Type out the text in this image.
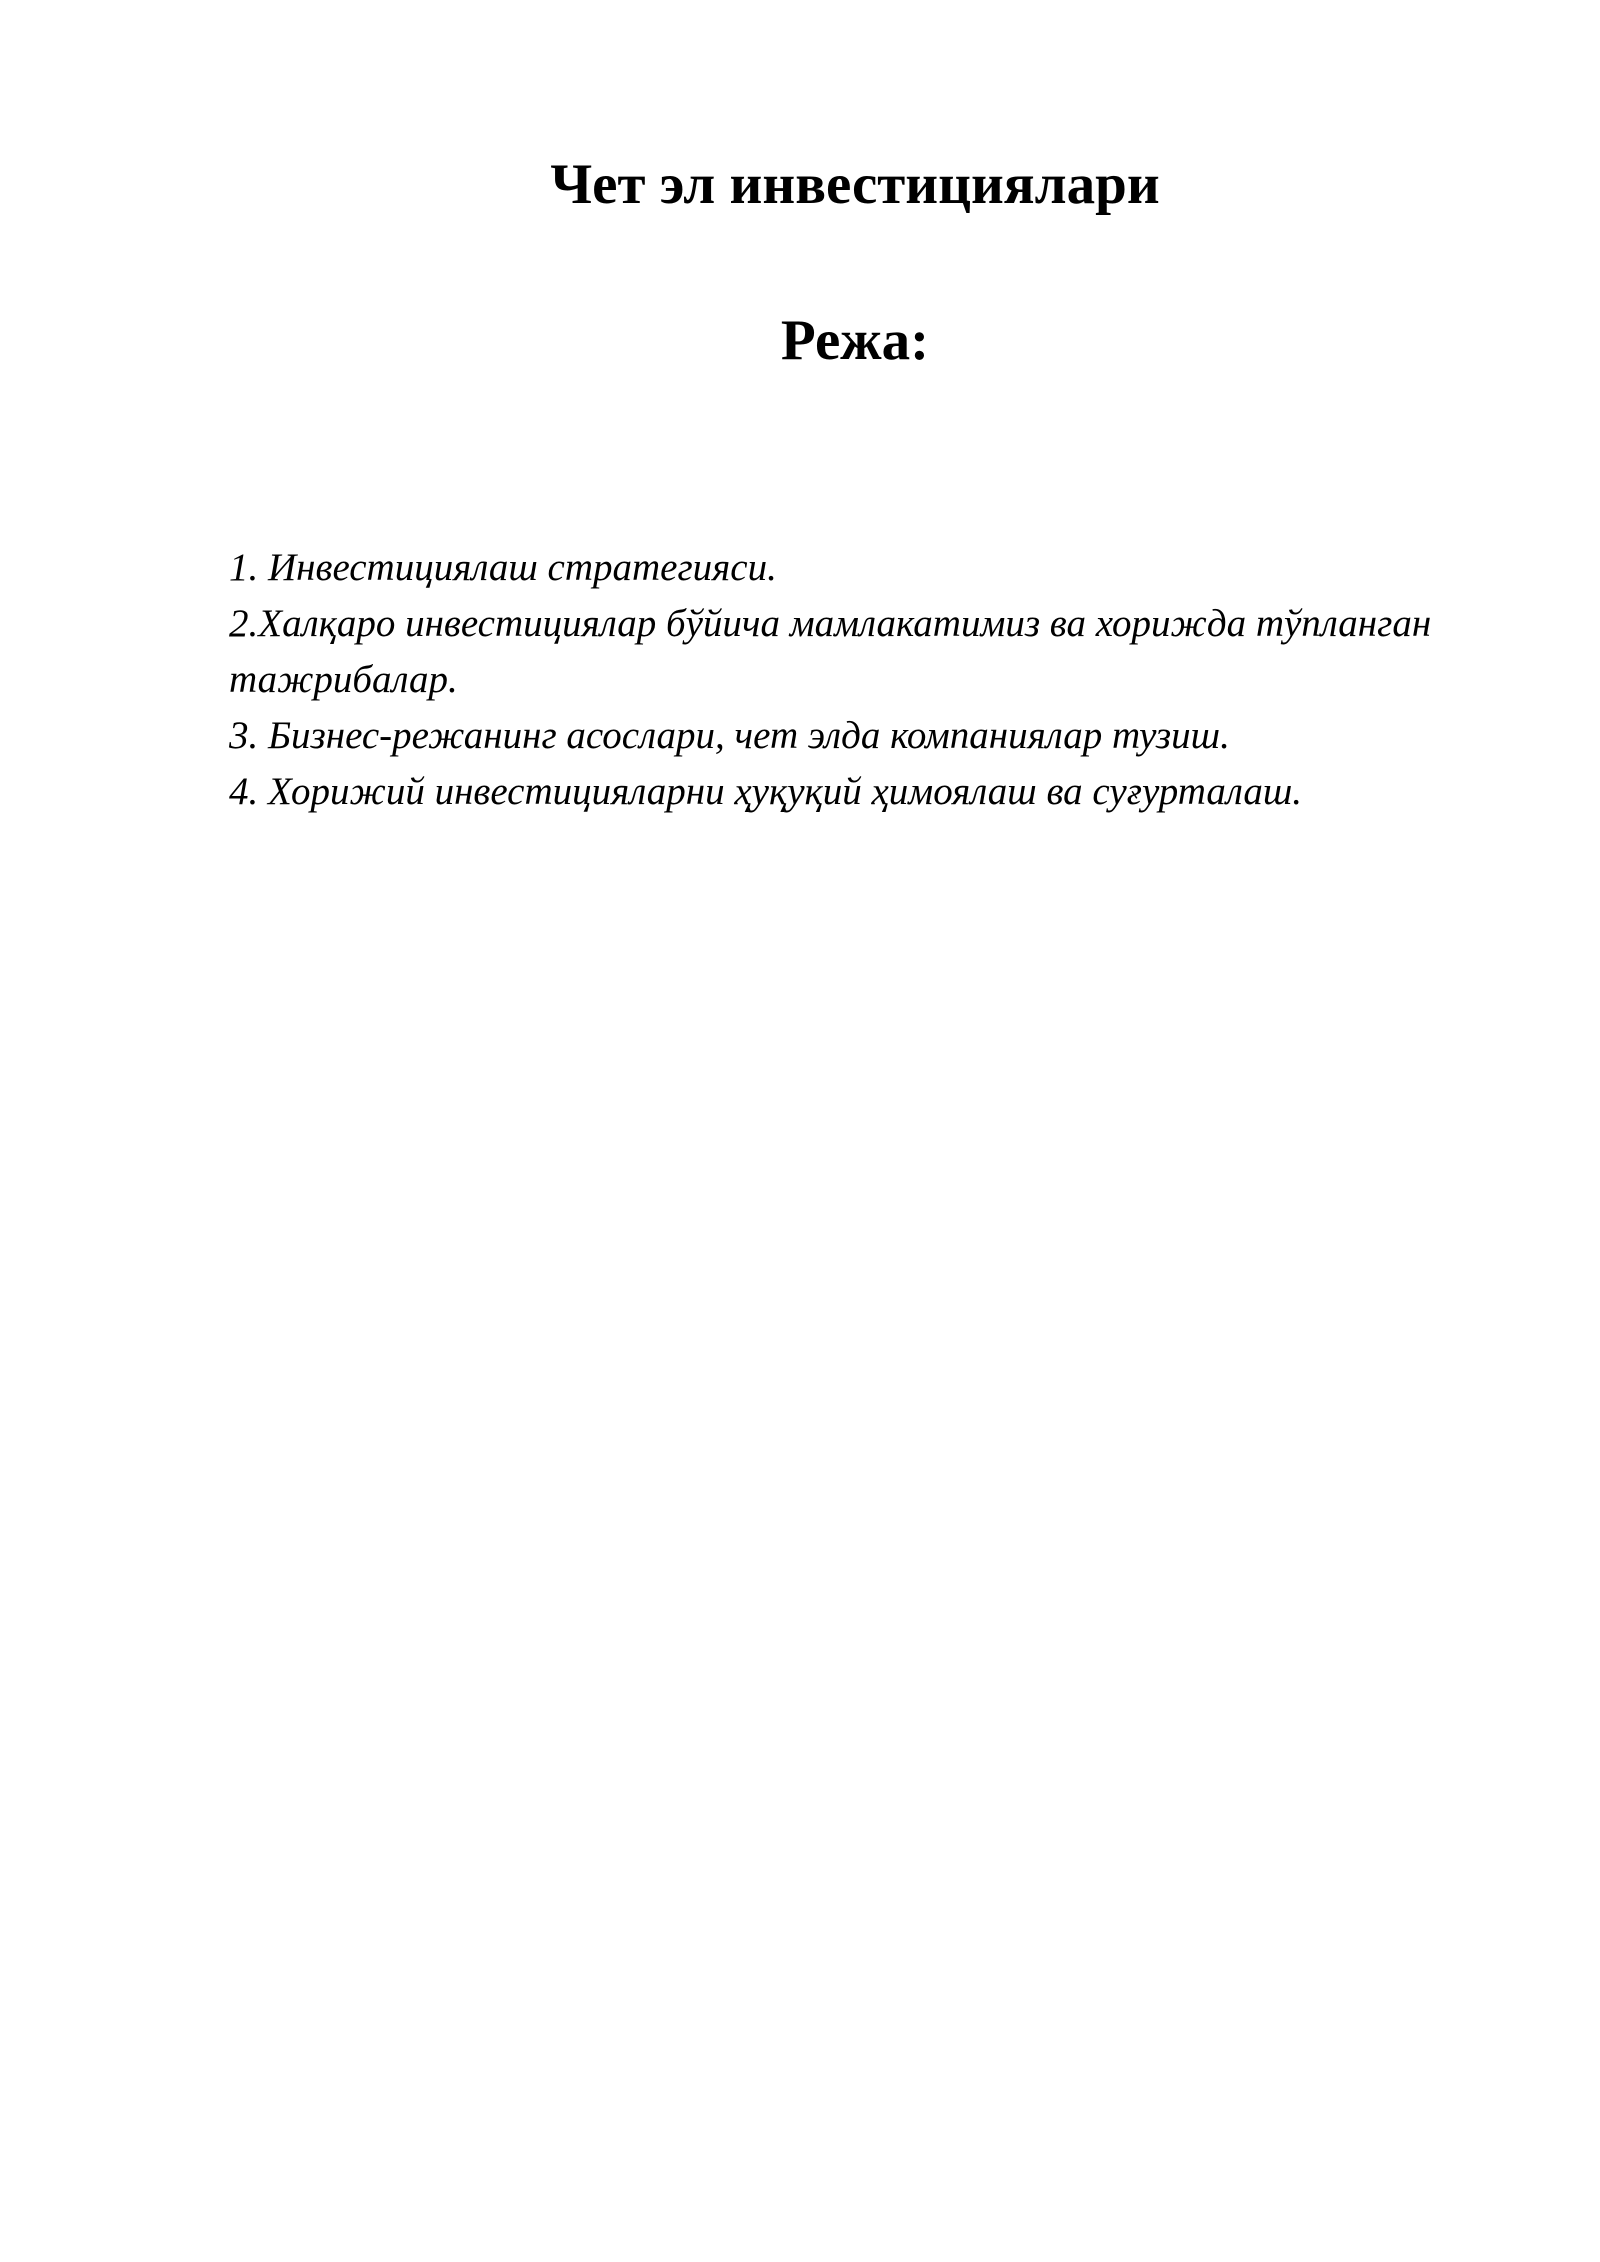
Чет эл инвестициялари
Режа:
1. Инвестициялаш стратегияси.
2.Халқаро инвестициялар бўйича мамлакатимиз ва хорижда тўпланган тажрибалар.
3. Бизнес-режанинг асослари, чет элда компаниялар тузиш.
4. Хорижий инвестицияларни ҳуқуқий ҳимоялаш ва суғурталаш.
